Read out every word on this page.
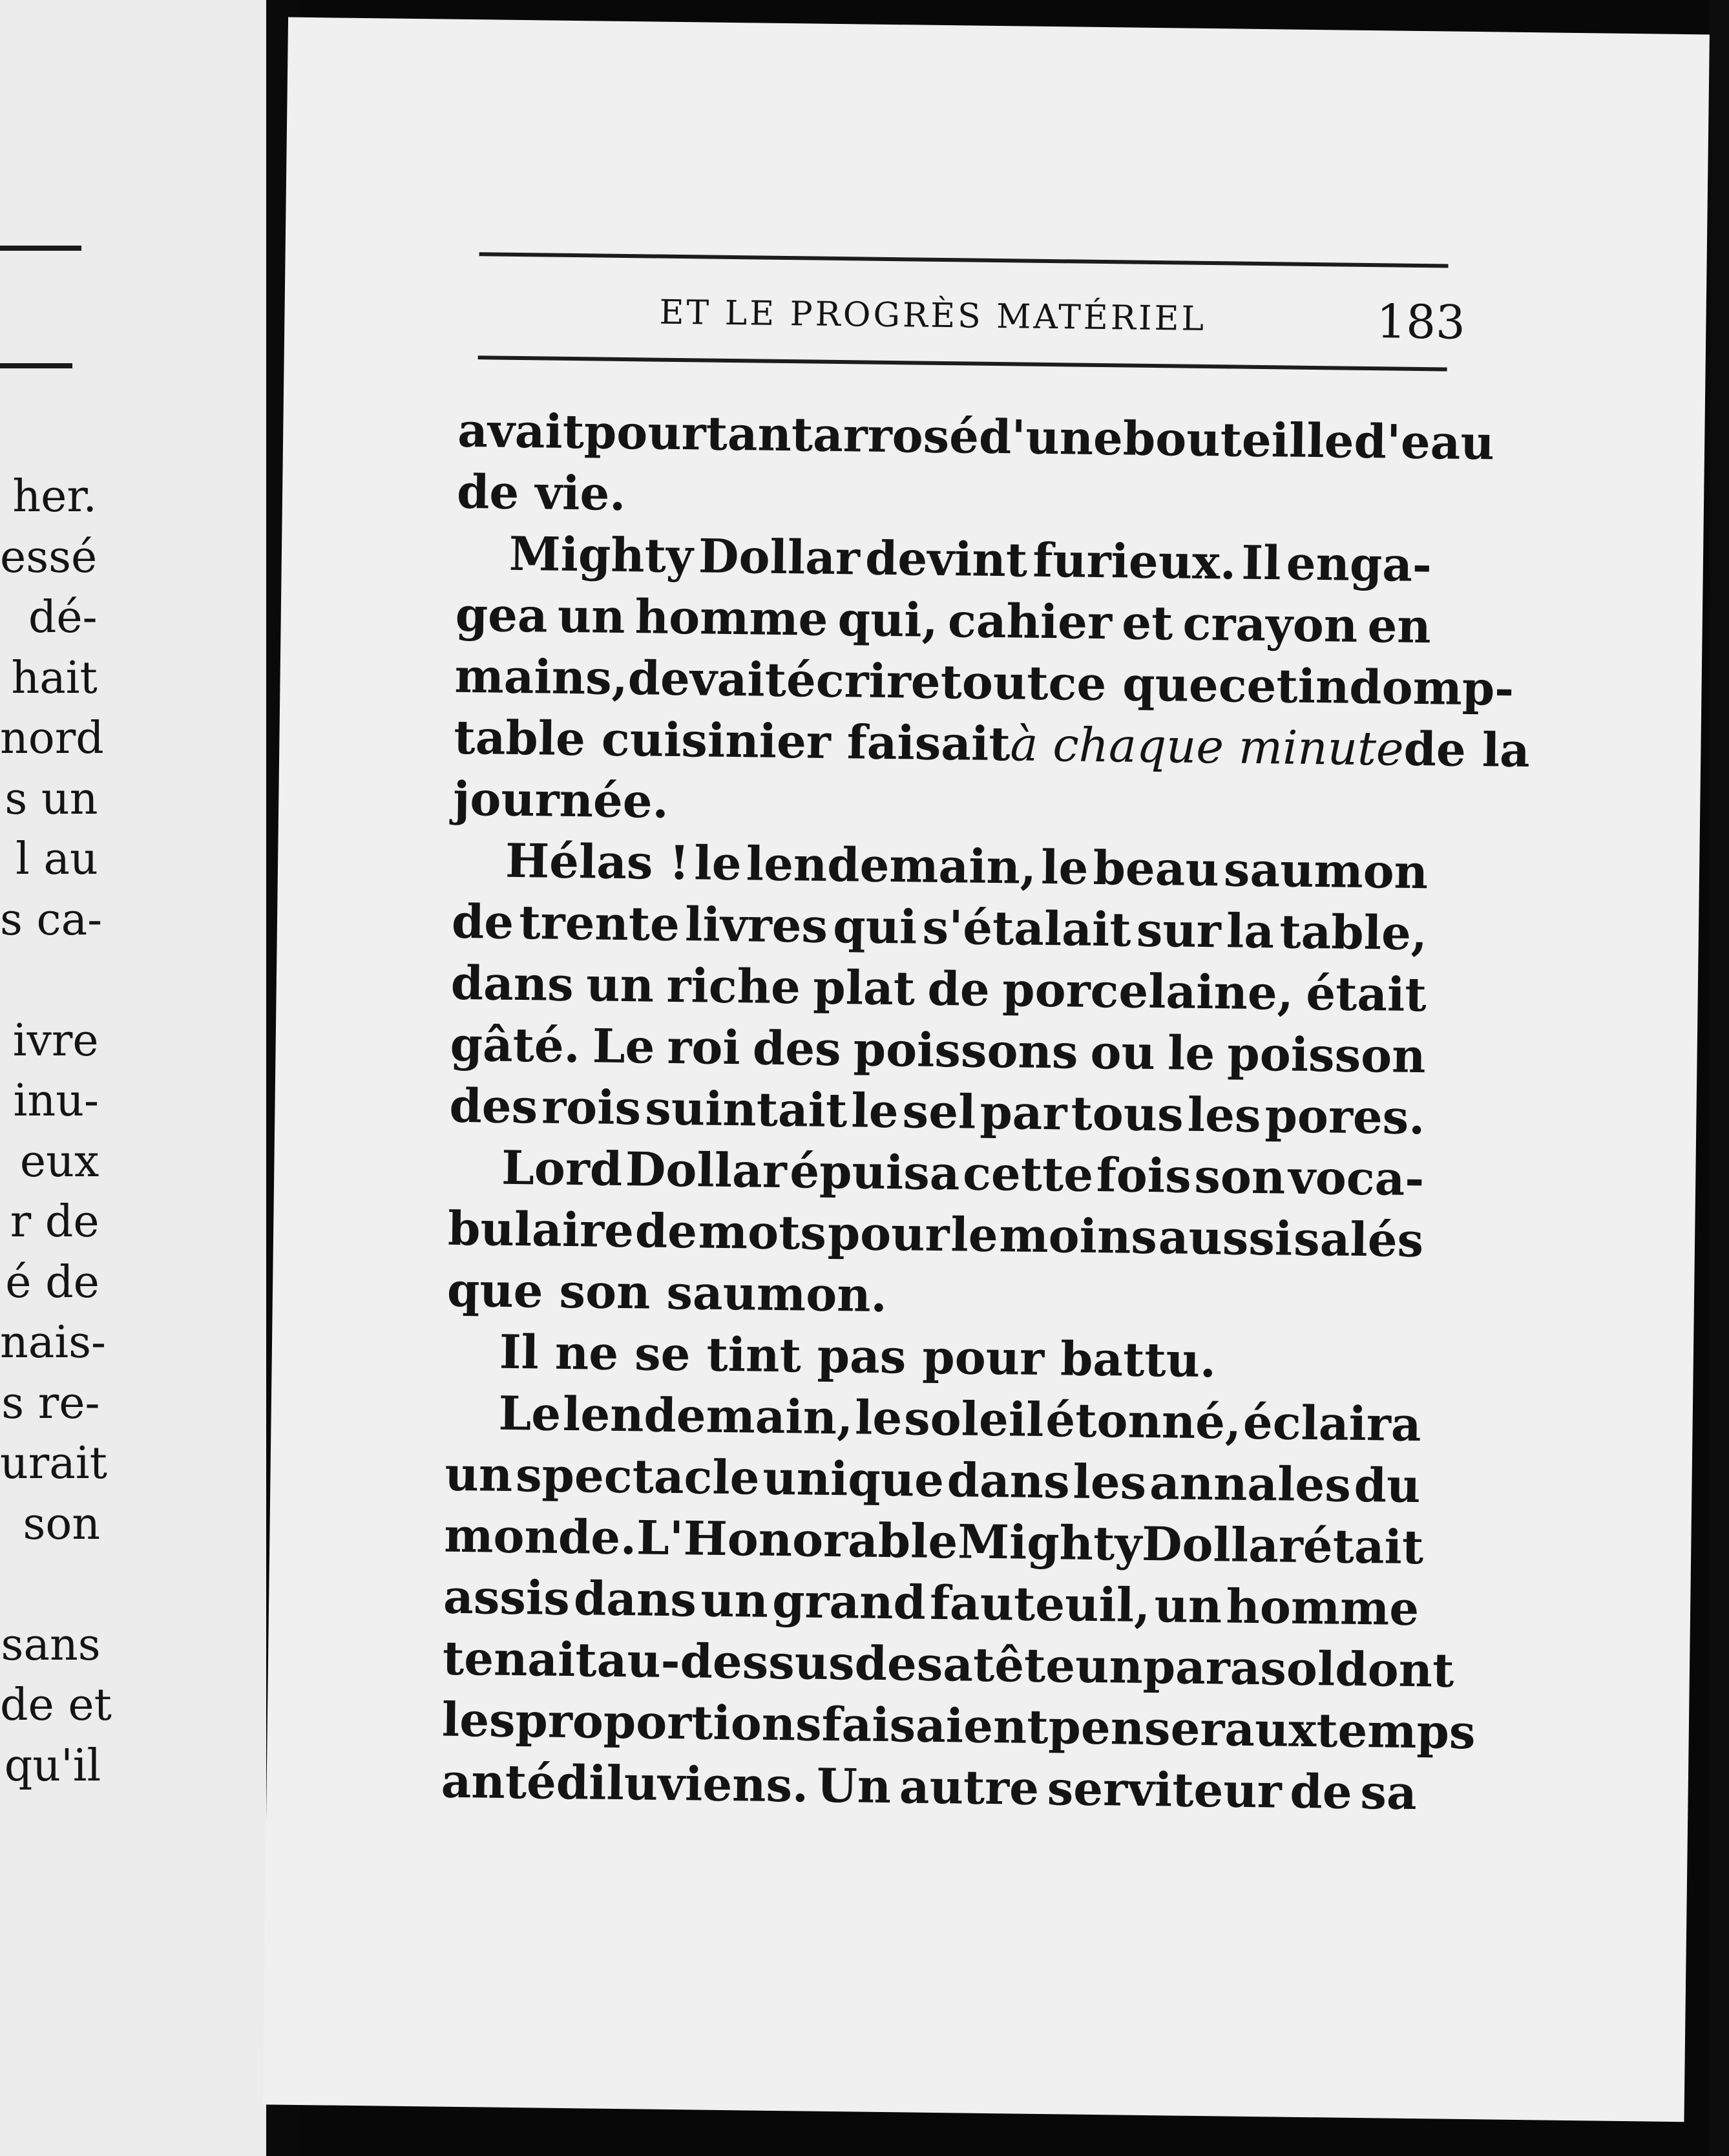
her.
essé
dé-
hait
nord
s un
l au
s ca-
ivre
inu-
eux
r de
é de
nais-
s re-
urait
son
sans
de et
qu'il
ET LE PROGRÈS MATÉRIEL	183
avait
pourtant
arrosé
d'une
bouteille
d'eau
de vie.
Mighty Dollar devint furieux. Il enga-
gea un homme qui, cahier et crayon en
mains,devait
écrire
tout
ce que
cet
indomp-
table cuisinier faisait
à chaque minute
de la
journée.
Hélas ! le lendemain, le beau saumon
de trente livres qui s'étalait sur la table,
dans un riche plat de porcelaine, était
gâté. Le roi des poissons ou le poisson
des rois suintait le sel par tous les pores.
Lord Dollar épuisa cette fois son voca-
bulaire de mots pour le moins aussi salés
que son saumon.
Il ne se tint pas pour battu.
Le lendemain, le soleil étonné, éclaira
un spectacle unique dans les annales du
monde.
L'Honorable
Mighty
Dollar
était
assis dans un grand fauteuil, un homme
tenait
au-dessus
de
sa
tête
un
parasol
dont
les
proportions
faisaient
penser
aux
temps
antédiluviens. Un autre serviteur de sa
